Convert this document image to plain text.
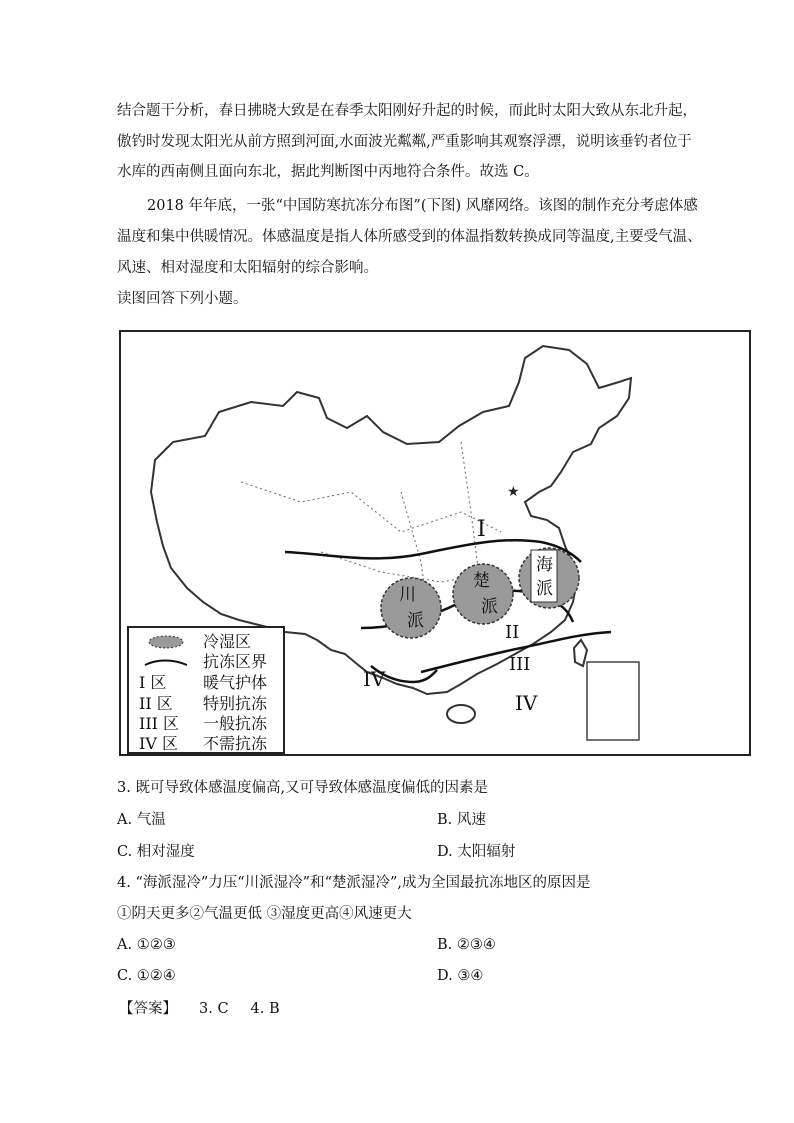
结合题干分析，春日拂晓大致是在春季太阳刚好升起的时候，而此时太阳大致从东北升起，
傲钓时发现太阳光从前方照到河面,水面波光粼粼,严重影响其观察浮漂，说明该垂钓者位于
水库的西南侧且面向东北，据此判断图中丙地符合条件。故选 C。
2018 年年底，一张“中国防寒抗冻分布图”(下图) 风靡网络。该图的制作充分考虑体感
温度和集中供暖情况。体感温度是指人体所感受到的体温指数转换成同等温度,主要受气温、
风速、相对湿度和太阳辐射的综合影响。
读图回答下列小题。
★
海
派
楚
派
川
派
I
II
III
IV
IV
冷湿区
抗冻区界
I 区	暖气护体
II 区	特别抗冻
III 区	一般抗冻
IV 区	不需抗冻
3. 既可导致体感温度偏高,又可导致体感温度偏低的因素是
A. 气温	B. 风速
C. 相对湿度	D. 太阳辐射
4. “海派湿冷”力压“川派湿冷”和“楚派湿冷”,成为全国最抗冻地区的原因是
①阴天更多②气温更低 ③湿度更高④风速更大
A. ①②③	B. ②③④
C. ①②④	D. ③④
【答案】 3. C 4. B
